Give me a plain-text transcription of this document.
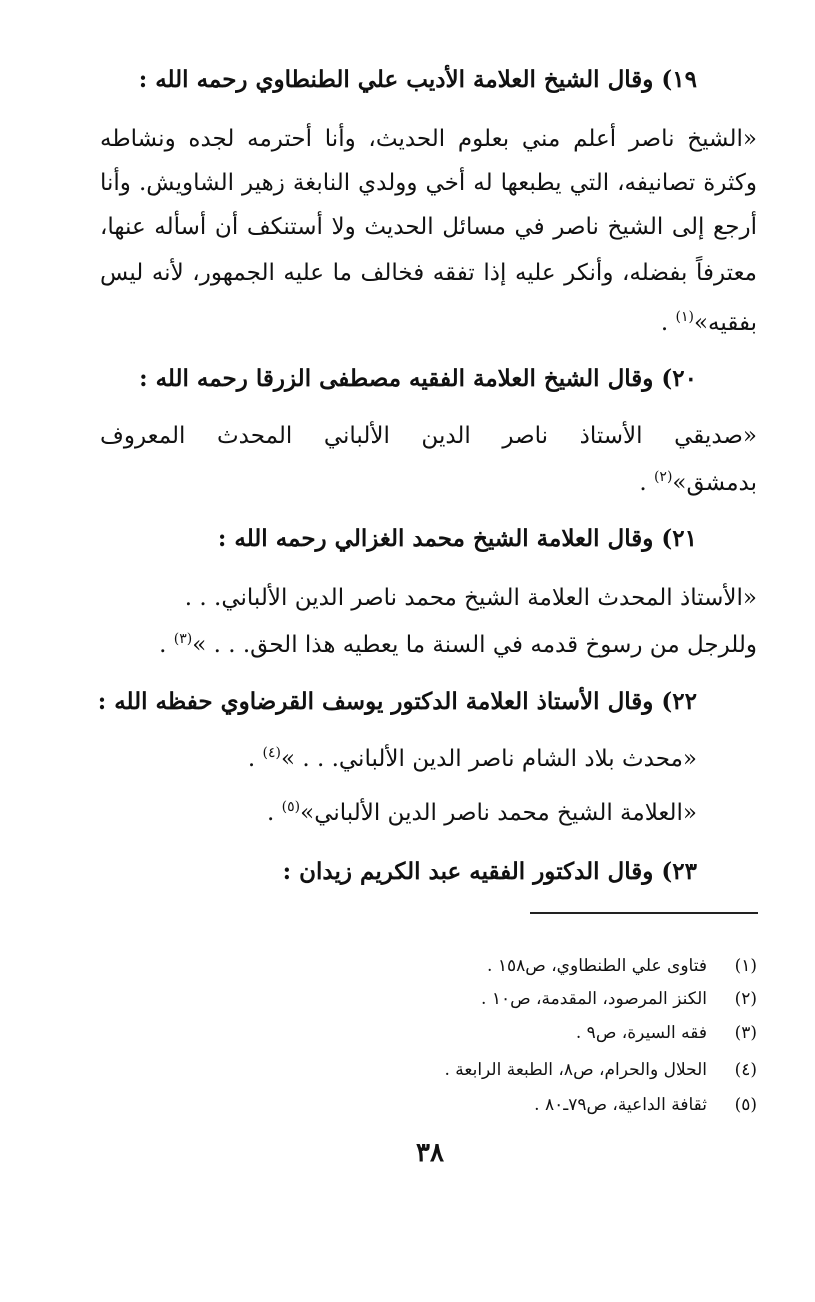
١٩) وقال الشيخ العلامة الأديب علي الطنطاوي رحمه الله :
«الشيخ ناصر أعلم مني بعلوم الحديث، وأنا أحترمه لجده ونشاطه
وكثرة تصانيفه، التي يطبعها له أخي وولدي النابغة زهير الشاويش. وأنا
أرجع إلى الشيخ ناصر في مسائل الحديث ولا أستنكف أن أسأله عنها،
معترفاً بفضله، وأنكر عليه إذا تفقه فخالف ما عليه الجمهور، لأنه ليس
بفقيه»$^{(١)}$ .
٢٠) وقال الشيخ العلامة الفقيه مصطفى الزرقا رحمه الله :
«صديقي الأستاذ ناصر الدين الألباني المحدث المعروف
بدمشق»$^{(٢)}$ .
٢١) وقال العلامة الشيخ محمد الغزالي رحمه الله :
«الأستاذ المحدث العلامة الشيخ محمد ناصر الدين الألباني. . .
وللرجل من رسوخ قدمه في السنة ما يعطيه هذا الحق. . . »$^{(٣)}$ .
٢٢) وقال الأستاذ العلامة الدكتور يوسف القرضاوي حفظه الله :
«محدث بلاد الشام ناصر الدين الألباني. . . »$^{(٤)}$ .
«العلامة الشيخ محمد ناصر الدين الألباني»$^{(٥)}$ .
٢٣) وقال الدكتور الفقيه عبد الكريم زيدان :
(١)فتاوى علي الطنطاوي، ص١٥٨ .
(٢)الكنز المرصود، المقدمة، ص١٠ .
(٣)فقه السيرة، ص٩ .
(٤)الحلال والحرام، ص٨، الطبعة الرابعة .
(٥)ثقافة الداعية، ص٧٩ـ٨٠ .
٣٨
